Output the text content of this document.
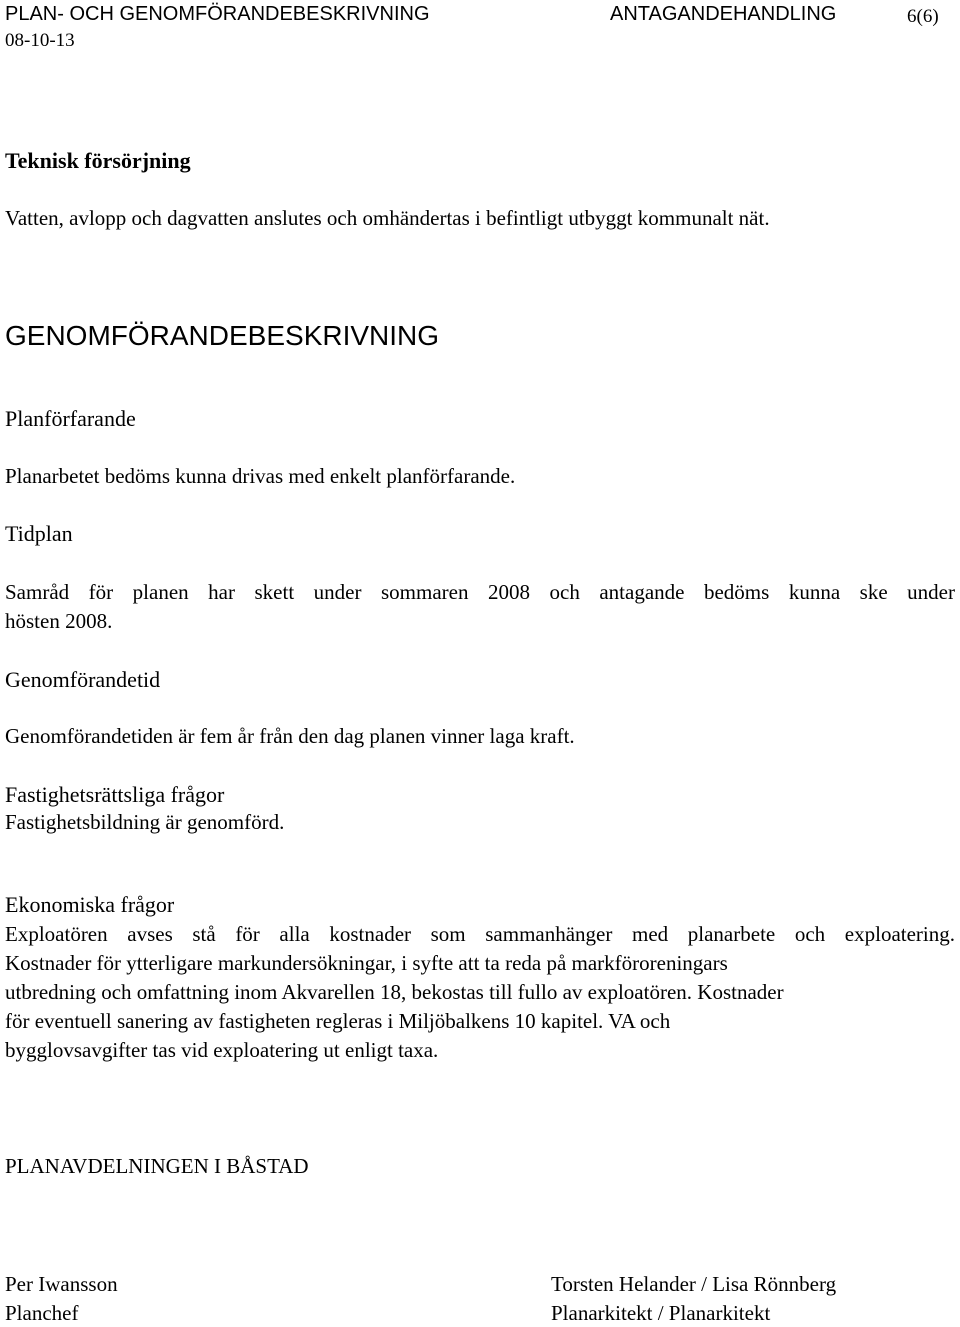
PLAN- OCH GENOMFÖRANDEBESKRIVNING	ANTAGANDEHANDLING	6(6)
08-10-13
Teknisk försörjning
Vatten, avlopp och dagvatten anslutes och omhändertas i befintligt utbyggt kommunalt nät.
GENOMFÖRANDEBESKRIVNING
Planförfarande
Planarbetet bedöms kunna drivas med enkelt planförfarande.
Tidplan
Samråd för planen har skett under sommaren 2008 och antagande bedöms kunna ske under
hösten 2008.
Genomförandetid
Genomförandetiden är fem år från den dag planen vinner laga kraft.
Fastighetsrättsliga frågor
Fastighetsbildning är genomförd.
Ekonomiska frågor
Exploatören avses stå för alla kostnader som sammanhänger med planarbete och exploatering.
Kostnader för ytterligare markundersökningar, i syfte att ta reda på markföroreningars
utbredning och omfattning inom Akvarellen 18, bekostas till fullo av exploatören. Kostnader
för eventuell sanering av fastigheten regleras i Miljöbalkens 10 kapitel. VA och
bygglovsavgifter tas vid exploatering ut enligt taxa.
PLANAVDELNINGEN I BÅSTAD
Per Iwansson
Planchef
Torsten Helander / Lisa Rönnberg
Planarkitekt / Planarkitekt
